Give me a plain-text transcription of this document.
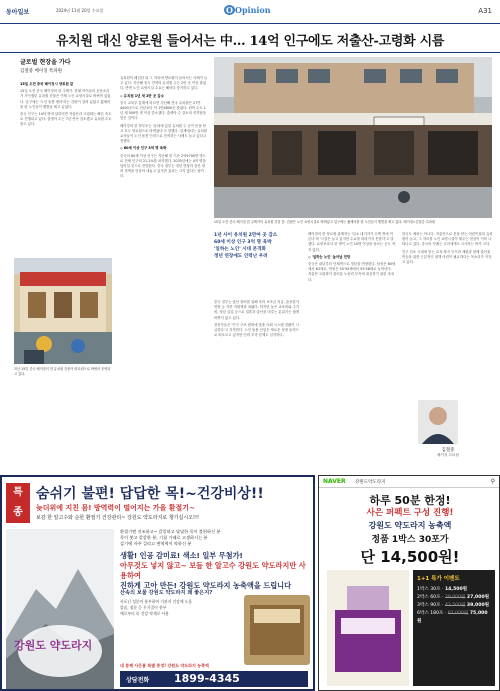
동아일보	2024년 11월 20일 수요일	O Opinion	A31
유치원 대신 양로원 들어서는 中… 14억 인구에도 저출산-고령화 시름
글로벌 현장을 가다
김철중 베이징 특파원

15일 오전 중국 베이징시 양로원 앞

15일 오전 중국 베이징의 한 주택가. 한때 아이들의 웃음소리가 가득했던 유치원 건물은 이제 노인 요양시설로 바뀌어 있었다. 입구에는 '노인 돌봄 센터'라는 간판이 걸려 있었고 휠체어를 탄 노인들이 햇볕을 쬐고 있었다.

중국 인구는 14억 명에 달하지만 저출산과 고령화는 빠른 속도로 진행되고 있다. 출생아 수는 7년 연속 감소했고 유치원 수도 줄고 있다.

지난 15일 중국 베이징의 한 유치원 건물이 양로원으로 바뀌어 운영되고 있다.

유치원이 폐업한 뒤 그 자리에 양로원이 들어서는 사례가 늘고 있다. 지난해 중국 전역의 유치원 수는 2만 곳 이상 줄었다. 반면 노인 요양시설 수요는 해마다 증가하고 있다.

◇ 유치원 1년 새 2만 곳 감소

중국 교육부 통계에 따르면 지난해 전국 유치원은 27만4400곳으로 전년보다 약 1만4800곳 줄었다. 원아 수도 1년 새 500만 명 이상 감소했다. 출생아 수 감소의 직격탄을 맞은 것이다.

베이징의 한 학부모는 '동네에 있던 유치원 두 곳이 문을 닫고 모두 양로원으로 바뀌었다'고 말했다. 업계에서는 유치원 교사들이 노인 돌봄 인력으로 전직하는 사례도 늘고 있다고 전했다.

◇ 60세 이상 인구 3억 명 육박

중국의 60세 이상 인구는 지난해 말 기준 2억9700만 명으로 전체 인구의 21.1%를 차지했다. 2035년에는 4억 명을 넘어설 것으로 전망된다. 중국 정부는 정년 연장과 출산 장려 정책을 잇달아 내놓고 있지만 효과는 크지 않다는 평가다.

15일 오전 중국 베이징 한 주택가의 유치원 건물 앞. 간판은 노인 요양시설로 바뀌었고 입구에는 휠체어를 탄 노인들이 햇볕을 쬐고 있다. 베이징=김철중 특파원
1년 사이 유치원 2만여 곳 감소
60세 이상 인구 3억 명 육박
'일하는 노인' 시대 본격화
정년 연장에도 인력난 우려

중국 정부는 출산 장려를 위해 육아 보조금 지급, 출산휴가 연장 등 각종 지원책을 내놨다. 하지만 높은 교육비와 주거비, 청년 실업 등으로 결혼과 출산을 미루는 분위기는 쉽게 바뀌지 않고 있다.

전문가들은 '인구 구조 변화에 맞춘 사회 시스템 전환이 시급하다'고 지적한다. 노인 돌봄 산업은 새로운 성장 동력으로 떠오르고 있지만 인력 부족 문제도 심각하다.

베이징의 한 양로원 관계자는 '입소 대기자가 수백 명에 이른다'며 '시설은 늘고 있지만 수요를 따라가지 못한다'고 말했다. 요양보호사 한 명이 노인 10명 이상을 돌보는 곳도 적지 않다.

◇ '일하는 노인' 늘어날 전망

중국은 내년부터 단계적으로 정년을 연장한다. 남성은 60세에서 63세로, 여성은 50·55세에서 55·58세로 늘어난다. 저출산·고령화가 불러올 노동력 부족에 대응하기 위한 조치다.

한국도 예외는 아니다. 저출산으로 문을 닫는 어린이집과 유치원이 늘고, 그 자리를 노인 요양시설이 채우는 현상이 이미 나타나고 있다. 중국의 사례는 우리에게도 시사하는 바가 크다.

인구 감소 시대에 맞는 교육·복지 인프라 재편과 함께 출산율 반등을 위한 근본적인 대책 마련이 필요하다는 목소리가 커지고 있다.

김철중
베이징 특파원
특
종
숨쉬기 불편! 답답한 목!~건강비상!!
늦더위에 지친 몸! 방역력이 떨어지는 가을 환절기~
보감 한 알고수와 순한 환절기 건강관리~ 강원도 약도라지로 챙기십시오!!!
강원도 약도라지
환절기엔 건조하고~ 칼칼하고 답답한 목이 불편하신 분
목이 붓고 칼칼한 분, 기침 가래로 고생하시는 분
감기에 자주 걸리고 면역력이 약하신 분
생활! 인공 감미료! 색소! 일부 무첨가!
아무것도 넣지 않고~ 보듬 한 알고수 강원도 약도라지만 사용하여
진하게 고아 만든! 강원도 약도라지 농축액을 드립니다
산속의 보물 강원도 약도라지 왜 좋은지?
사포닌 성분이 풍부하여 기관지 건강에 도움
칼슘, 철분 등 무기질이 풍부
예로부터 목 건강 약재로 사용
상담전화 1899-4345
네 분께 사은품 특별 증정! 강원도 약도라지 농축액
NAVER 강원도약도라지	⚲
하루 50분 한정!
사은 퍼펙트 구성 진행!
강원도 약도라지 농축액
정품 1박스 30포가
단 14,500원!
1+1 특가 이벤트
1박스 30포 · 14,500원
2박스 60포 · 29,000원 27,000원
3박스 90포 · 43,500원 39,000원
6박스 180포 · 87,000원 75,000원
